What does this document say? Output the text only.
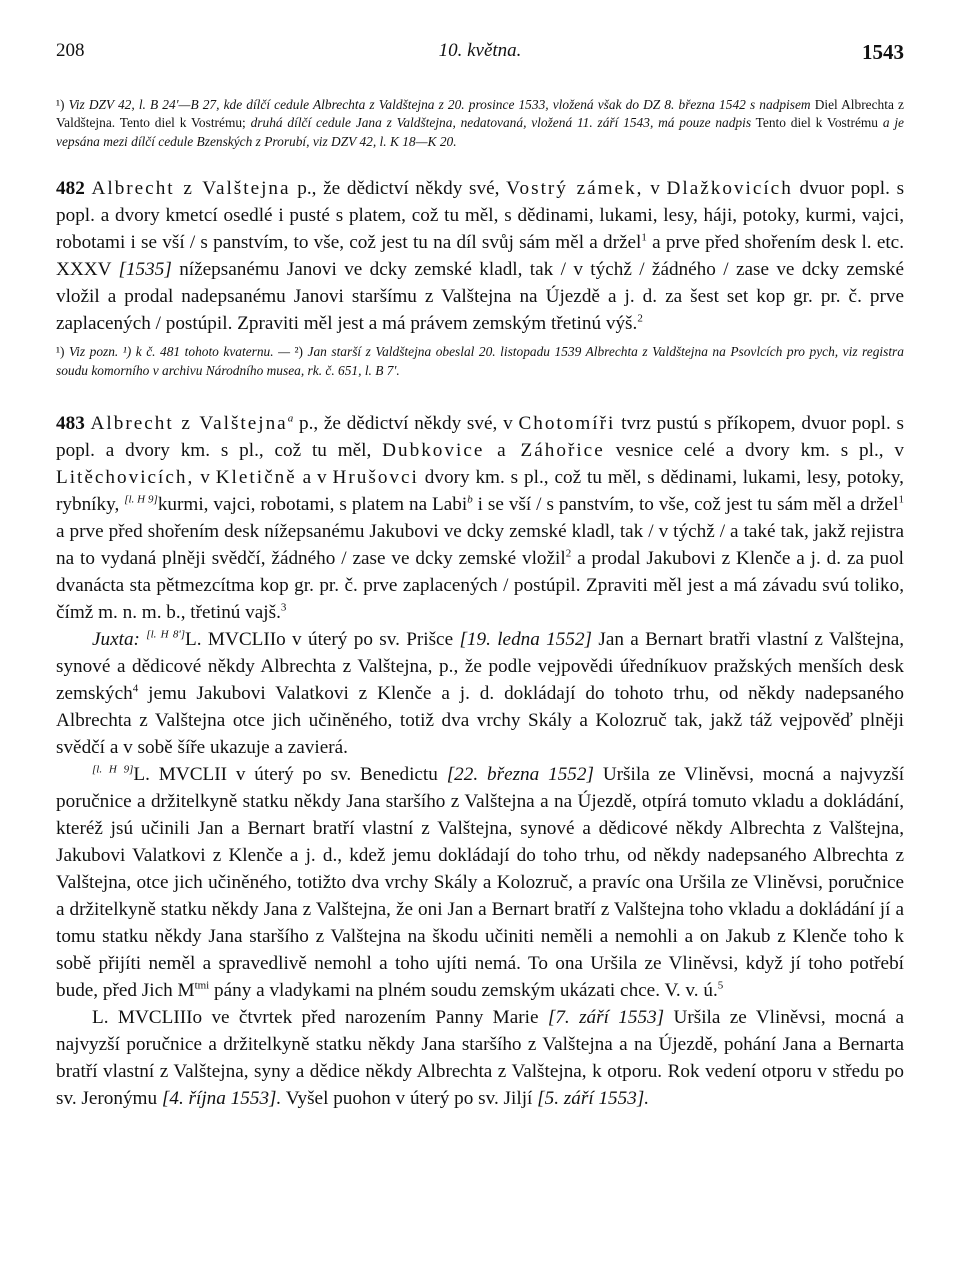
208	10. května.	1543

¹) Viz DZV 42, l. B 24'—B 27, kde dílčí cedule Albrechta z Valdštejna z 20. prosince 1533, vložená však do DZ 8. března 1542 s nadpisem Diel Albrechta z Valdštejna. Tento diel k Vostrému; druhá dílčí cedule Jana z Valdštejna, nedatovaná, vložená 11. září 1543, má pouze nadpis Tento diel k Vostrému a je vepsána mezi dílčí cedule Bzenských z Prorubí, viz DZV 42, l. K 18—K 20.

482 Albrecht z Valštejna p., že dědictví někdy své, Vostrý zámek, v Dlažkovicích dvuor popl. s popl. a dvory kmetcí osedlé i pusté s platem, což tu měl, s dědinami, lukami, lesy, háji, potoky, kurmi, vajci, robotami i se vší / s panstvím, to vše, což jest tu na díl svůj sám měl a držel$^1$ a prve před shořením desk l. etc. XXXV [1535] nížepsanému Janovi ve dcky zemské kladl, tak / v týchž / žádného / zase ve dcky zemské vložil a prodal nadepsanému Janovi staršímu z Valštejna na Újezdě a j. d. za šest set kop gr. pr. č. prve zaplacených / postúpil. Zpraviti měl jest a má právem zemským třetinú výš.$^2$

¹) Viz pozn. ¹) k č. 481 tohoto kvaternu. — ²) Jan starší z Valdštejna obeslal 20. listopadu 1539 Albrechta z Valdštejna na Psovlcích pro pych, viz registra soudu komorního v archivu Národního musea, rk. č. 651, l. B 7'.

483 Albrecht z Valštejna$^a$ p., že dědictví někdy své, v Chotomíři tvrz pustú s příkopem, dvuor popl. s popl. a dvory km. s pl., což tu měl, Dubkovice a Záhořice vesnice celé a dvory km. s pl., v Litěchovicích, v Kletičně a v Hrušovci dvory km. s pl., což tu měl, s dědinami, lukami, lesy, potoky, rybníky, [l. H 9]kurmi, vajci, robotami, s platem na Labi$^b$ i se vší / s panstvím, to vše, což jest tu sám měl a držel$^1$ a prve před shořením desk nížepsanému Jakubovi ve dcky zemské kladl, tak / v týchž / a také tak, jakž rejistra na to vydaná plněji svědčí, žádného / zase ve dcky zemské vložil$^2$ a prodal Jakubovi z Klenče a j. d. za puol dvanácta sta pětmezcítma kop gr. pr. č. prve zaplacených / postúpil. Zpraviti měl jest a má závadu svú toliko, čímž m. n. m. b., třetinú vajš.$^3$

Juxta: [l. H 8']L. MVCLIIo v úterý po sv. Prišce [19. ledna 1552] Jan a Bernart bratři vlastní z Valštejna, synové a dědicové někdy Albrechta z Valštejna, p., že podle vejpovědi úředníkuov pražských menších desk zemských$^4$ jemu Jakubovi Valatkovi z Klenče a j. d. dokládají do tohoto trhu, od někdy nadepsaného Albrechta z Valštejna otce jich učiněného, totiž dva vrchy Skály a Kolozruč tak, jakž táž vejpověď plněji svědčí a v sobě šíře ukazuje a zavierá.

[l. H 9]L. MVCLII v úterý po sv. Benedictu [22. března 1552] Uršila ze Vliněvsi, mocná a najvyzší poručnice a držitelkyně statku někdy Jana staršího z Valštejna a na Újezdě, otpírá tomuto vkladu a dokládání, kteréž jsú učinili Jan a Bernart bratří vlastní z Valštejna, synové a dědicové někdy Albrechta z Valštejna, Jakubovi Valatkovi z Klenče a j. d., kdež jemu dokládají do toho trhu, od někdy nadepsaného Albrechta z Valštejna, otce jich učiněného, totižto dva vrchy Skály a Kolozruč, a pravíc ona Uršila ze Vliněvsi, poručnice a držitelkyně statku někdy Jana z Valštejna, že oni Jan a Bernart bratří z Valštejna toho vkladu a dokládání jí a tomu statku někdy Jana staršího z Valštejna na škodu učiniti neměli a nemohli a on Jakub z Klenče toho k sobě přijíti neměl a spravedlivě nemohl a toho ujíti nemá. To ona Uršila ze Vliněvsi, když jí toho potřebí bude, před Jich $M^{tmi}$ pány a vladykami na plném soudu zemským ukázati chce. V. v. ú.$^5$

L. MVCLIIIo ve čtvrtek před narozením Panny Marie [7. září 1553] Uršila ze Vliněvsi, mocná a najvyzší poručnice a držitelkyně statku někdy Jana staršího z Valštejna a na Újezdě, pohání Jana a Bernarta bratří vlastní z Valštejna, syny a dědice někdy Albrechta z Valštejna, k otporu. Rok vedení otporu v středu po sv. Jeronýmu [4. října 1553]. Vyšel puohon v úterý po sv. Jiljí [5. září 1553].
